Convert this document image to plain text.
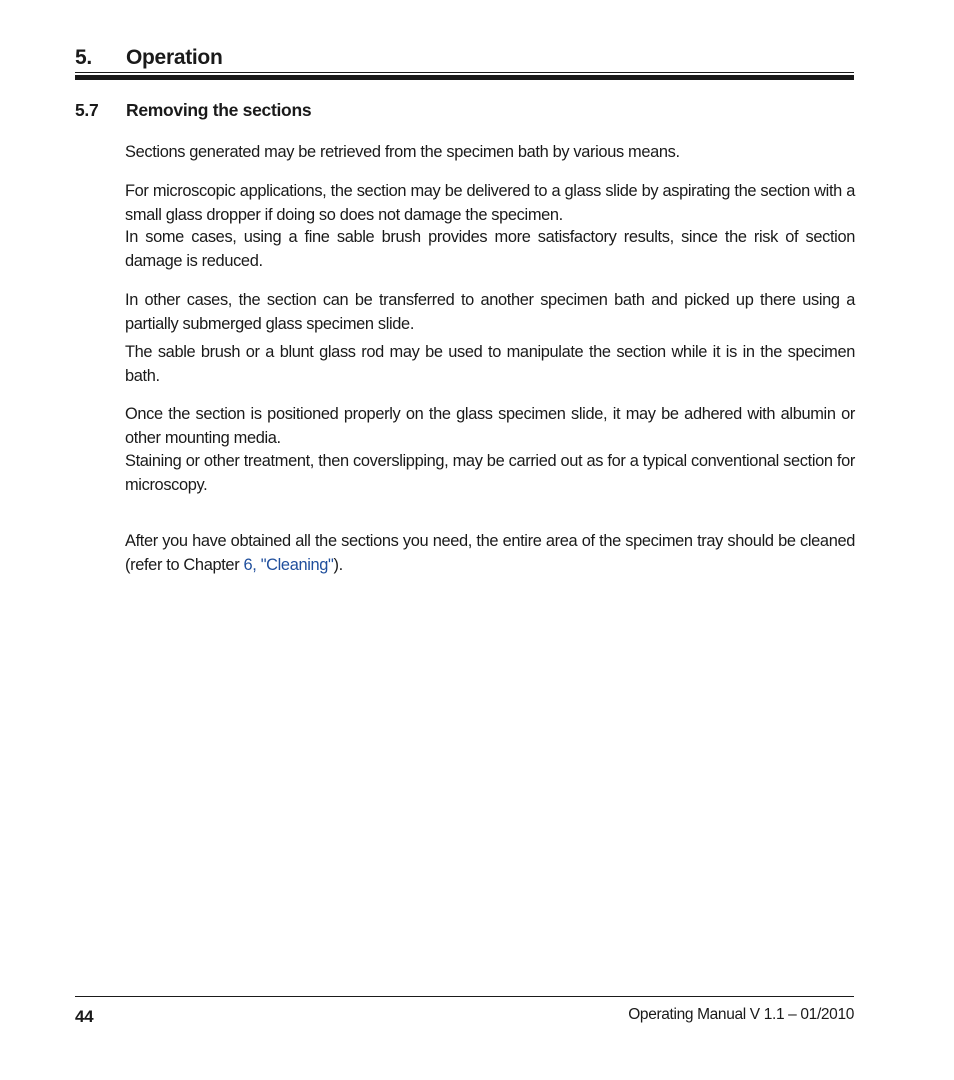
5. Operation
5.7 Removing the sections

Sections generated may be retrieved from the specimen bath by various means.

For microscopic applications, the section may be delivered to a glass slide by aspirating the section with a small glass dropper if doing so does not damage the specimen.

In some cases, using a fine sable brush provides more satisfactory results, since the risk of section damage is reduced.

In other cases, the section can be transferred to another specimen bath and picked up there using a partially submerged glass specimen slide.

The sable brush or a blunt glass rod may be used to manipulate the section while it is in the specimen bath.

Once the section is positioned properly on the glass specimen slide, it may be adhered with albumin or other mounting media.

Staining or other treatment, then coverslipping, may be carried out as for a typical conventional section for microscopy.

After you have obtained all the sections you need, the entire area of the specimen tray should be cleaned (refer to Chapter 6, "Cleaning").

44	Operating Manual V 1.1 – 01/2010
